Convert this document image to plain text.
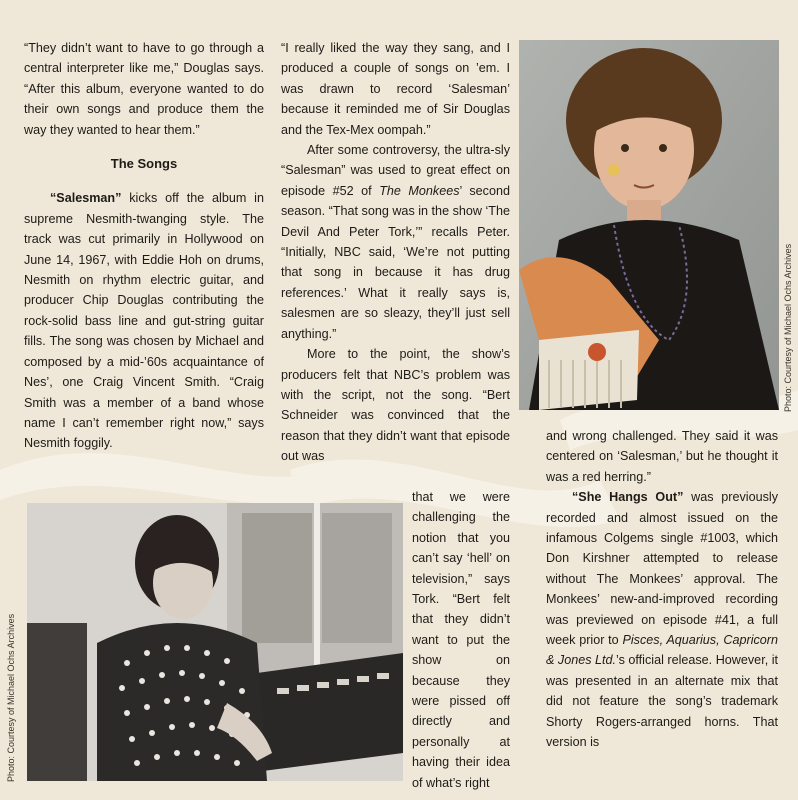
“They didn’t want to have to go through a central interpreter like me,” Douglas says. “After this album, everyone wanted to do their own songs and produce them the way they wanted to hear them.”

The Songs

“Salesman” kicks off the album in supreme Nesmith-twanging style. The track was cut primarily in Hollywood on June 14, 1967, with Eddie Hoh on drums, Nesmith on rhythm electric guitar, and producer Chip Douglas contributing the rock-solid bass line and gut-string guitar fills. The song was chosen by Michael and composed by a mid-’60s acquaintance of Nes’, one Craig Vincent Smith. “Craig Smith was a member of a band whose name I can’t remember right now,” says Nesmith foggily.

“I really liked the way they sang, and I produced a couple of songs on ’em. I was drawn to record ‘Salesman’ because it reminded me of Sir Douglas and the Tex-Mex oompah.”

After some controversy, the ultra-sly “Salesman” was used to great effect on episode #52 of The Monkees’ second season. “That song was in the show ‘The Devil And Peter Tork,’” recalls Peter. “Initially, NBC said, ‘We’re not putting that song in because it has drug references.’ What it really says is, salesmen are so sleazy, they’ll just sell anything.”

More to the point, the show’s producers felt that NBC’s problem was with the script, not the song. “Bert Schneider was convinced that the reason that they didn’t want that episode out was

that we were challenging the notion that you can’t say ‘hell’ on television,” says Tork. “Bert felt that they didn’t want to put the show on because they were pissed off directly and personally at having their idea of what’s right

and wrong challenged. They said it was centered on ‘Salesman,’ but he thought it was a red herring.”

“She Hangs Out” was previously recorded and almost issued on the infamous Colgems single #1003, which Don Kirshner attempted to release without The Monkees’ approval. The Monkees’ new-and-improved recording was previewed on episode #41, a full week prior to Pisces, Aquarius, Capricorn & Jones Ltd.’s official release. However, it was presented in an alternate mix that did not feature the song’s trademark Shorty Rogers-arranged horns. That version is

Photo: Courtesy of Michael Ochs Archives
Photo: Courtesy of Michael Ochs Archives
